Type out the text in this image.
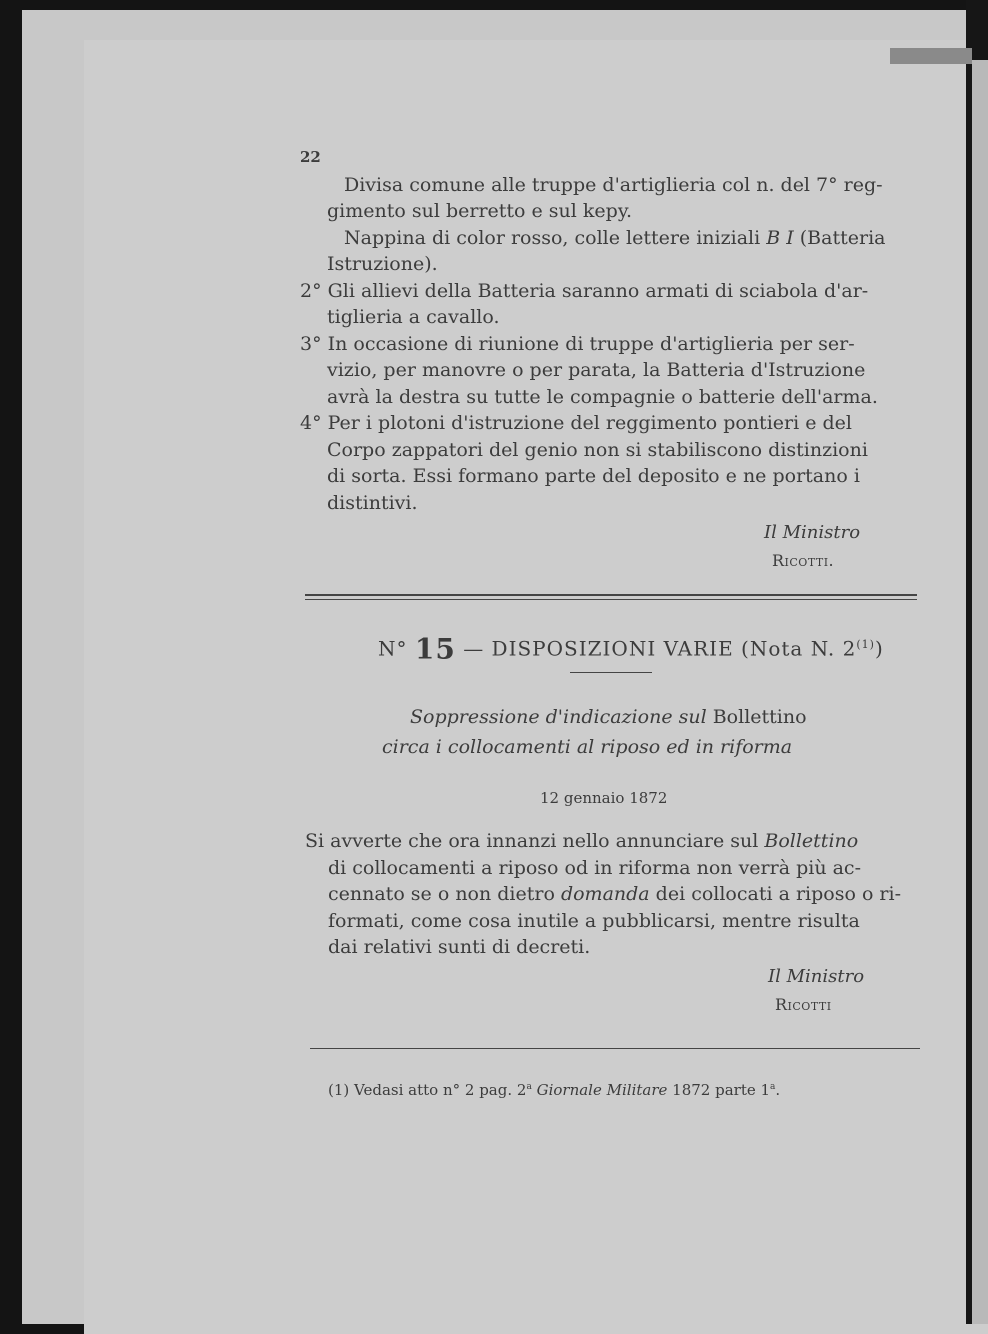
22
Divisa comune alle truppe d'artiglieria col n. del 7° reg-
gimento sul berretto e sul kepy.
Nappina di color rosso, colle lettere iniziali B I (Batteria
Istruzione).
2° Gli allievi della Batteria saranno armati di sciabola d'ar-
tiglieria a cavallo.
3° In occasione di riunione di truppe d'artiglieria per ser-
vizio, per manovre o per parata, la Batteria d'Istruzione
avrà la destra su tutte le compagnie o batterie dell'arma.
4° Per i plotoni d'istruzione del reggimento pontieri e del
Corpo zappatori del genio non si stabiliscono distinzioni
di sorta. Essi formano parte del deposito e ne portano i
distintivi.
Il Ministro
Ricotti.
N° 15 — DISPOSIZIONI VARIE (Nota N. 2$^{(1)}$)
Soppressione d'indicazione sul Bollettino
circa i collocamenti al riposo ed in riforma
12 gennaio 1872
Si avverte che ora innanzi nello annunciare sul Bollettino
di collocamenti a riposo od in riforma non verrà più ac-
cennato se o non dietro domanda dei collocati a riposo o ri-
formati, come cosa inutile a pubblicarsi, mentre risulta
dai relativi sunti di decreti.
Il Ministro
Ricotti
(1) Vedasi atto n° 2 pag. 2$^a$ Giornale Militare 1872 parte 1$^a$.
